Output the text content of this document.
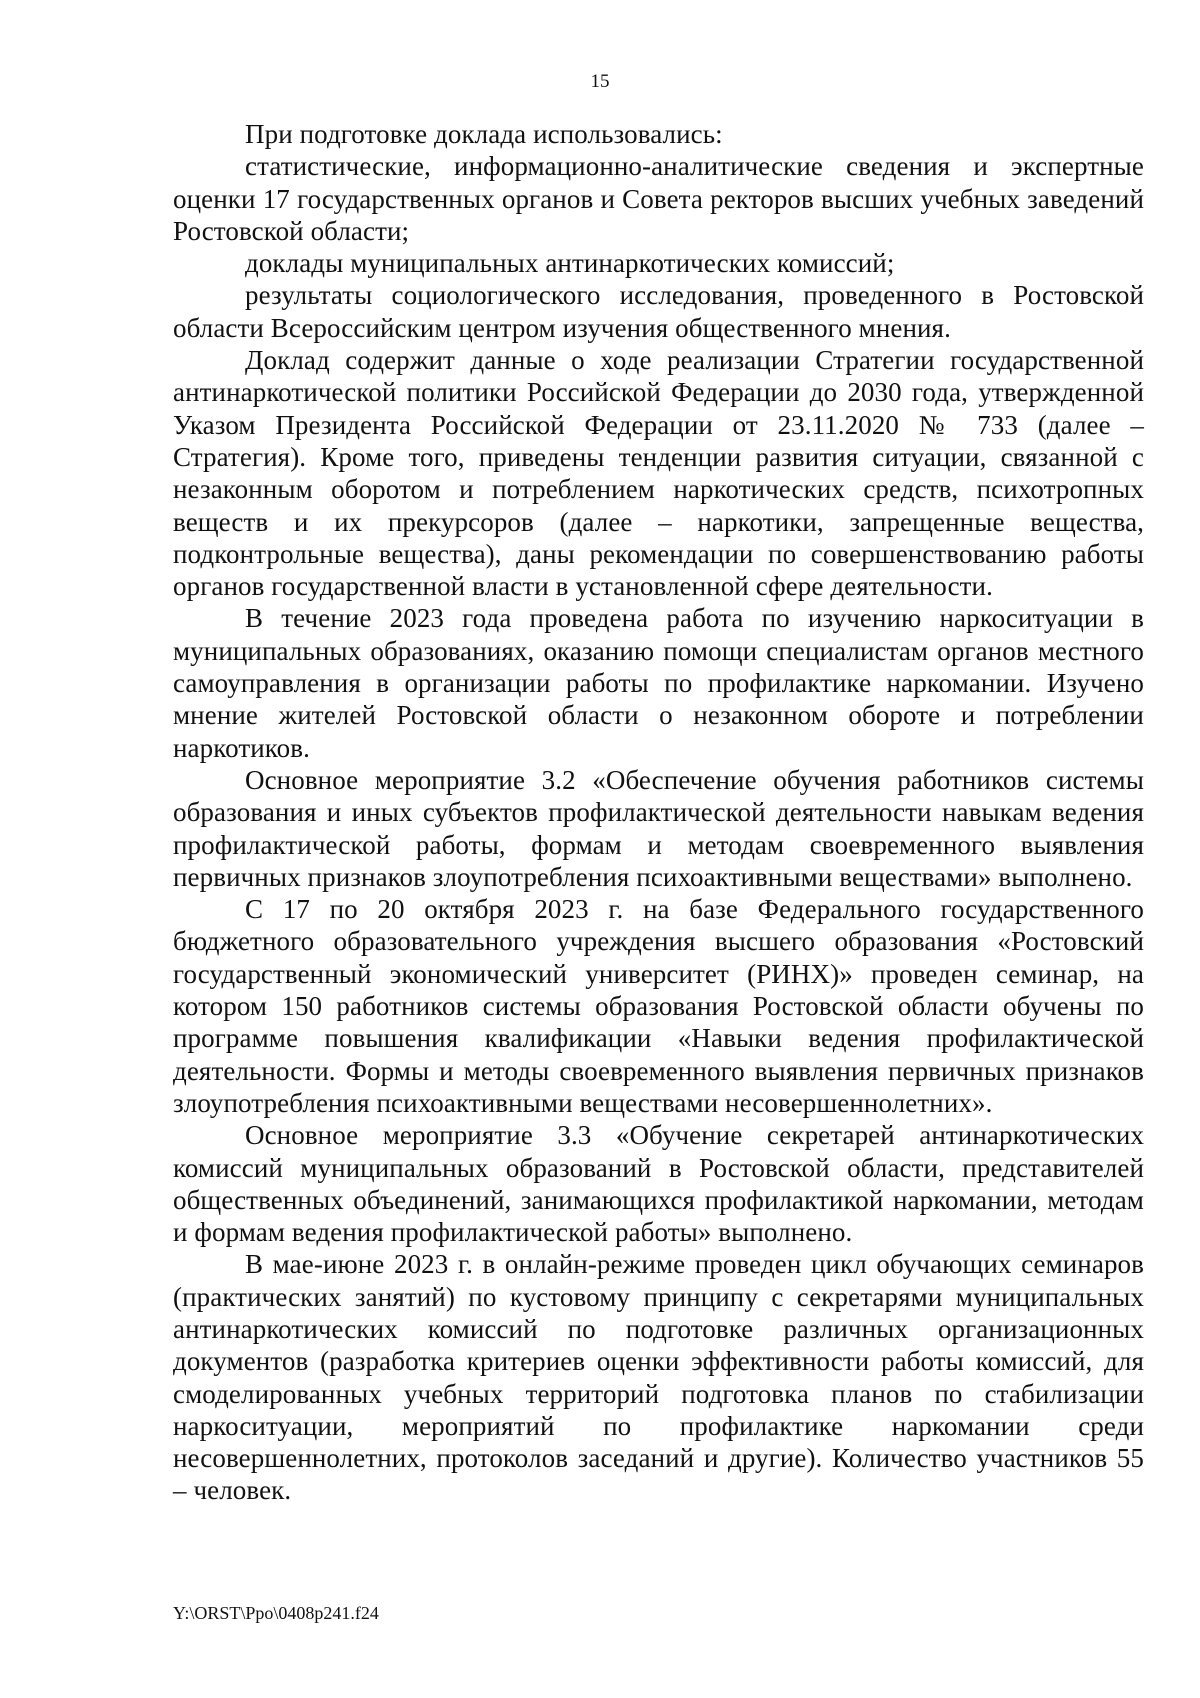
15

При подготовке доклада использовались:

статистические, информационно-аналитические сведения и экспертные оценки 17 государственных органов и Совета ректоров высших учебных заведений Ростовской области;

доклады муниципальных антинаркотических комиссий;

результаты социологического исследования, проведенного в Ростовской области Всероссийским центром изучения общественного мнения.

Доклад содержит данные о ходе реализации Стратегии государственной антинаркотической политики Российской Федерации до 2030 года, утвержденной Указом Президента Российской Федерации от 23.11.2020 № 733 (далее – Стратегия). Кроме того, приведены тенденции развития ситуации, связанной с незаконным оборотом и потреблением наркотических средств, психотропных веществ и их прекурсоров (далее – наркотики, запрещенные вещества, подконтрольные вещества), даны рекомендации по совершенствованию работы органов государственной власти в установленной сфере деятельности.

В течение 2023 года проведена работа по изучению наркоситуации в муниципальных образованиях, оказанию помощи специалистам органов местного самоуправления в организации работы по профилактике наркомании. Изучено мнение жителей Ростовской области о незаконном обороте и потреблении наркотиков.

Основное мероприятие 3.2 «Обеспечение обучения работников системы образования и иных субъектов профилактической деятельности навыкам ведения профилактической работы, формам и методам своевременного выявления первичных признаков злоупотребления психоактивными веществами» выполнено.

С 17 по 20 октября 2023 г. на базе Федерального государственного бюджетного образовательного учреждения высшего образования «Ростовский государственный экономический университет (РИНХ)» проведен семинар, на котором 150 работников системы образования Ростовской области обучены по программе повышения квалификации «Навыки ведения профилактической деятельности. Формы и методы своевременного выявления первичных признаков злоупотребления психоактивными веществами несовершеннолетних».

Основное мероприятие 3.3 «Обучение секретарей антинаркотических комиссий муниципальных образований в Ростовской области, представителей общественных объединений, занимающихся профилактикой наркомании, методам и формам ведения профилактической работы» выполнено.

В мае-июне 2023 г. в онлайн-режиме проведен цикл обучающих семинаров (практических занятий) по кустовому принципу с секретарями муниципальных антинаркотических комиссий по подготовке различных организационных документов (разработка критериев оценки эффективности работы комиссий, для смоделированных учебных территорий подготовка планов по стабилизации наркоситуации, мероприятий по профилактике наркомании среди несовершеннолетних, протоколов заседаний и другие). Количество участников 55 – человек.

Y:\ORST\Ppo\0408p241.f24
